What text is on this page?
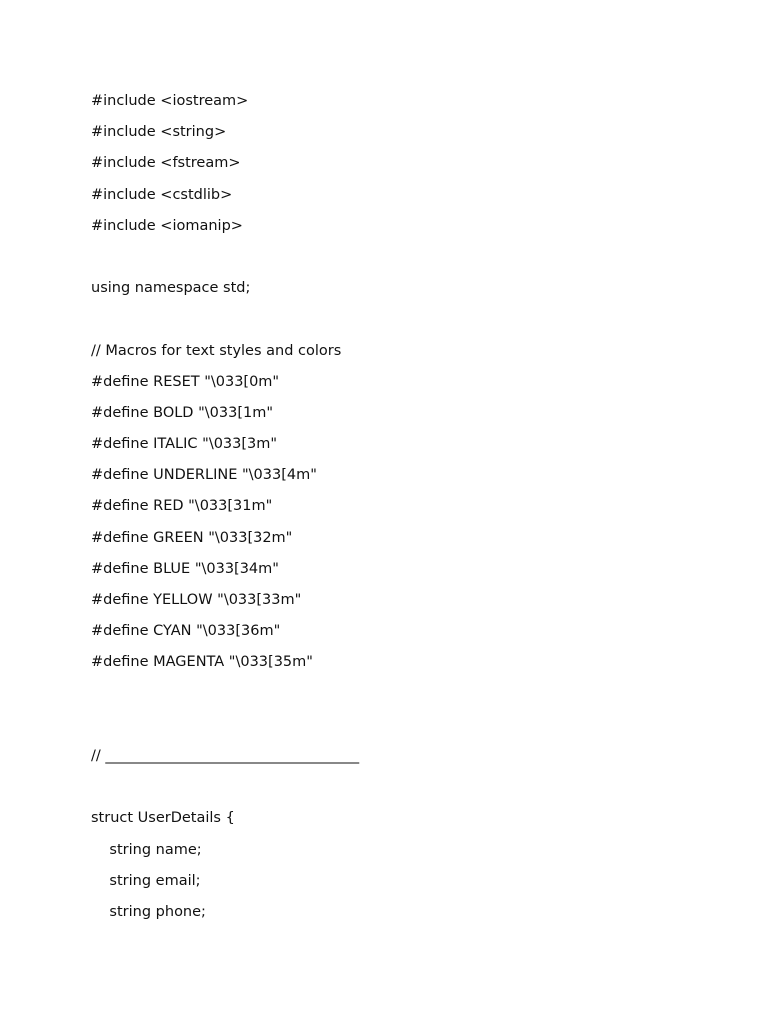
#include <iostream>
#include <string>
#include <fstream>
#include <cstdlib>
#include <iomanip>
using namespace std;
// Macros for text styles and colors
#define RESET "\033[0m"
#define BOLD "\033[1m"
#define ITALIC "\033[3m"
#define UNDERLINE "\033[4m"
#define RED "\033[31m"
#define GREEN "\033[32m"
#define BLUE "\033[34m"
#define YELLOW "\033[33m"
#define CYAN "\033[36m"
#define MAGENTA "\033[35m"
// ___________________________________
struct UserDetails {
string name;
string email;
string phone;
